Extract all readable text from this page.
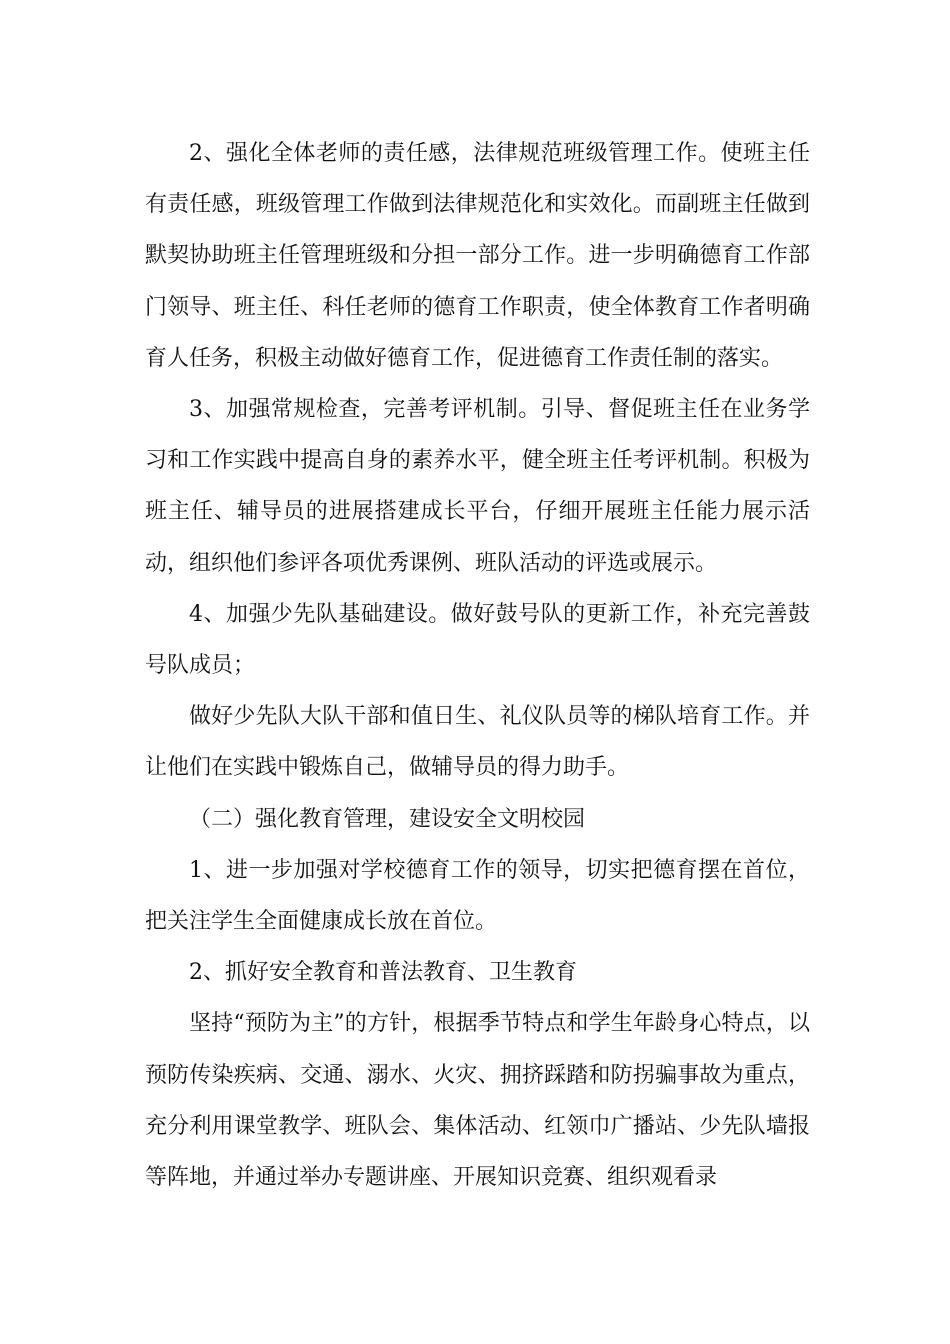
2、强化全体老师的责任感，法律规范班级管理工作。使班主任有责任感，班级管理工作做到法律规范化和实效化。而副班主任做到默契协助班主任管理班级和分担一部分工作。进一步明确德育工作部门领导、班主任、科任老师的德育工作职责，使全体教育工作者明确育人任务，积极主动做好德育工作，促进德育工作责任制的落实。

3、加强常规检查，完善考评机制。引导、督促班主任在业务学习和工作实践中提高自身的素养水平，健全班主任考评机制。积极为班主任、辅导员的进展搭建成长平台，仔细开展班主任能力展示活动，组织他们参评各项优秀课例、班队活动的评选或展示。

4、加强少先队基础建设。做好鼓号队的更新工作，补充完善鼓号队成员；

做好少先队大队干部和值日生、礼仪队员等的梯队培育工作。并让他们在实践中锻炼自己，做辅导员的得力助手。

（二）强化教育管理，建设安全文明校园

1、进一步加强对学校德育工作的领导，切实把德育摆在首位，把关注学生全面健康成长放在首位。

2、抓好安全教育和普法教育、卫生教育

坚持“预防为主”的方针，根据季节特点和学生年龄身心特点，以预防传染疾病、交通、溺水、火灾、拥挤踩踏和防拐骗事故为重点，充分利用课堂教学、班队会、集体活动、红领巾广播站、少先队墙报等阵地，并通过举办专题讲座、开展知识竞赛、组织观看录
